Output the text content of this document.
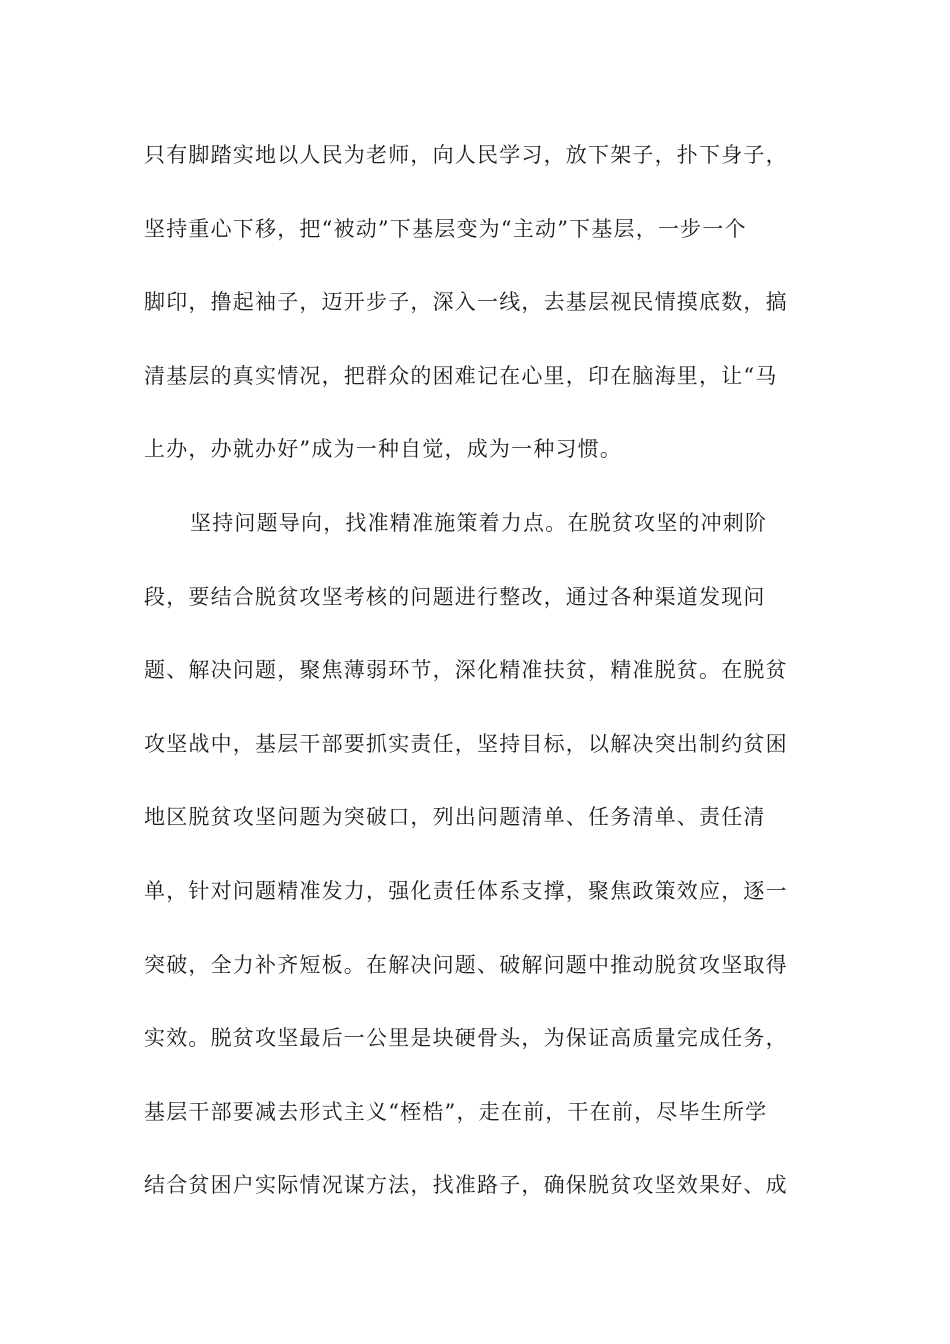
只有脚踏实地以人民为老师，向人民学习，放下架子，扑下身子，
坚持重心下移，把“被动”下基层变为“主动”下基层，一步一个
脚印，撸起袖子，迈开步子，深入一线，去基层视民情摸底数，搞
清基层的真实情况，把群众的困难记在心里，印在脑海里，让“马
上办，办就办好”成为一种自觉，成为一种习惯。
坚持问题导向，找准精准施策着力点。在脱贫攻坚的冲刺阶
段，要结合脱贫攻坚考核的问题进行整改，通过各种渠道发现问
题、解决问题，聚焦薄弱环节，深化精准扶贫，精准脱贫。在脱贫
攻坚战中，基层干部要抓实责任，坚持目标，以解决突出制约贫困
地区脱贫攻坚问题为突破口，列出问题清单、任务清单、责任清
单，针对问题精准发力，强化责任体系支撑，聚焦政策效应，逐一
突破，全力补齐短板。在解决问题、破解问题中推动脱贫攻坚取得
实效。脱贫攻坚最后一公里是块硬骨头，为保证高质量完成任务，
基层干部要减去形式主义“桎梏”，走在前，干在前，尽毕生所学
结合贫困户实际情况谋方法，找准路子，确保脱贫攻坚效果好、成
